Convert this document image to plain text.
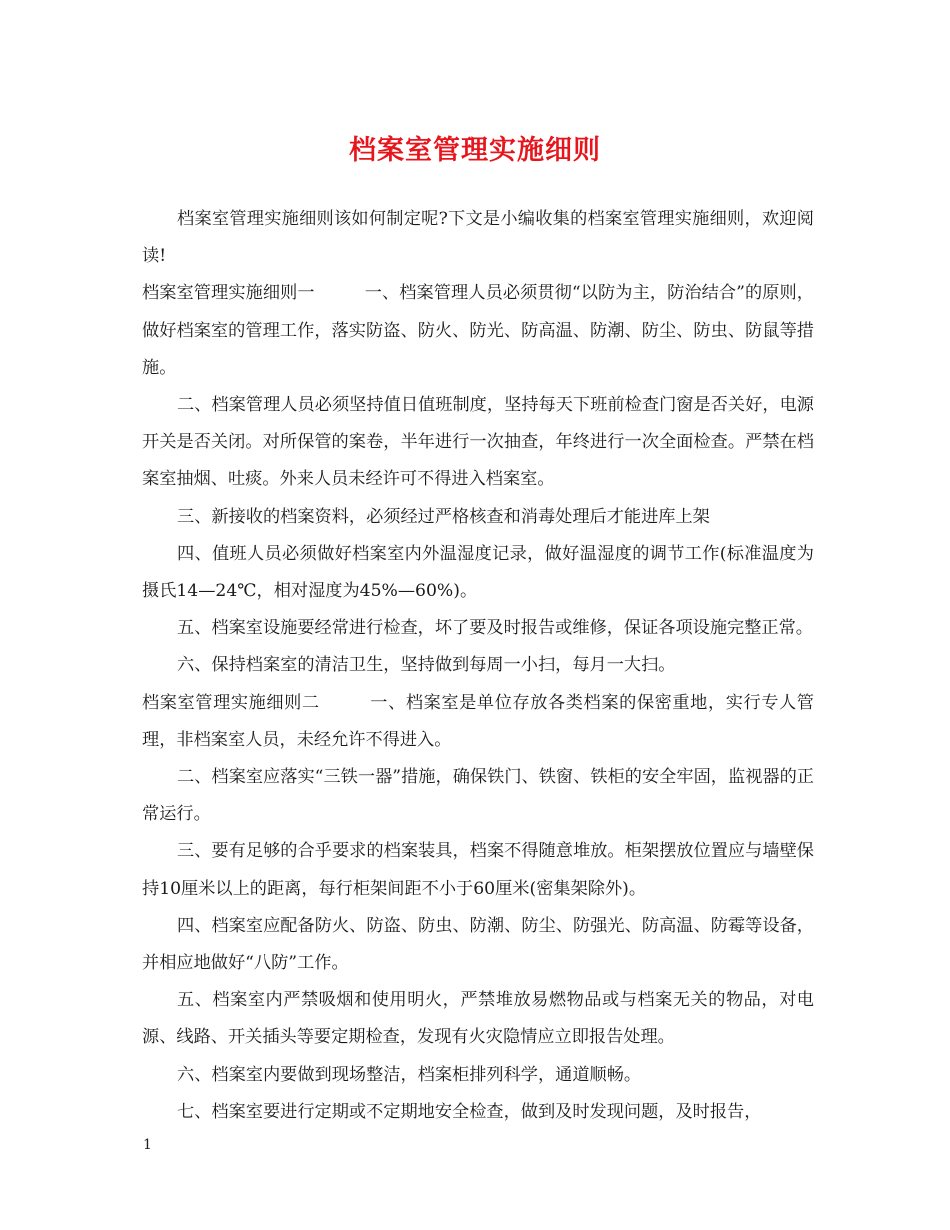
档案室管理实施细则

档案室管理实施细则该如何制定呢?下文是小编收集的档案室管理实施细则，欢迎阅读!

档案室管理实施细则一	一、档案管理人员必须贯彻“以防为主，防治结合”的原则，做好档案室的管理工作，落实防盗、防火、防光、防高温、防潮、防尘、防虫、防鼠等措施。

二、档案管理人员必须坚持值日值班制度，坚持每天下班前检查门窗是否关好，电源开关是否关闭。对所保管的案卷，半年进行一次抽查，年终进行一次全面检查。严禁在档案室抽烟、吐痰。外来人员未经许可不得进入档案室。

三、新接收的档案资料，必须经过严格核查和消毒处理后才能进库上架

四、值班人员必须做好档案室内外温湿度记录，做好温湿度的调节工作(标准温度为摄氏14—24℃，相对湿度为45%—60%)。

五、档案室设施要经常进行检查，坏了要及时报告或维修，保证各项设施完整正常。

六、保持档案室的清洁卫生，坚持做到每周一小扫，每月一大扫。

档案室管理实施细则二	一、档案室是单位存放各类档案的保密重地，实行专人管理，非档案室人员，未经允许不得进入。

二、档案室应落实“三铁一器”措施，确保铁门、铁窗、铁柜的安全牢固，监视器的正常运行。

三、要有足够的合乎要求的档案装具，档案不得随意堆放。柜架摆放位置应与墙壁保持10厘米以上的距离，每行柜架间距不小于60厘米(密集架除外)。

四、档案室应配备防火、防盗、防虫、防潮、防尘、防强光、防高温、防霉等设备，并相应地做好“八防”工作。

五、档案室内严禁吸烟和使用明火，严禁堆放易燃物品或与档案无关的物品，对电源、线路、开关插头等要定期检查，发现有火灾隐情应立即报告处理。

六、档案室内要做到现场整洁，档案柜排列科学，通道顺畅。

七、档案室要进行定期或不定期地安全检查，做到及时发现问题，及时报告，

1
